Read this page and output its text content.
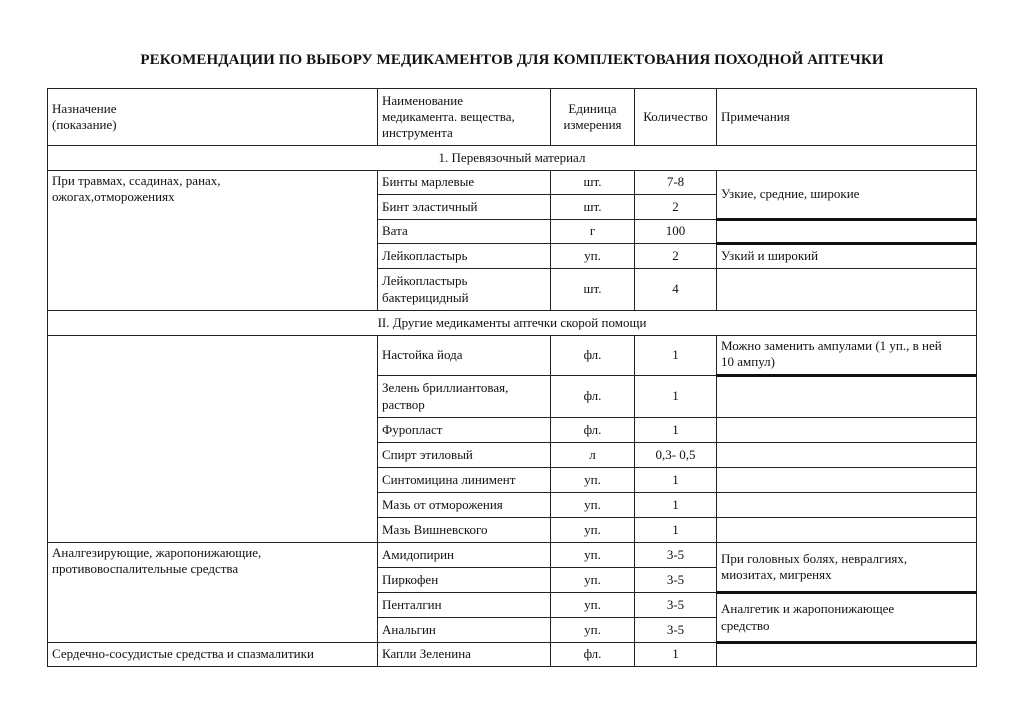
РЕКОМЕНДАЦИИ ПО ВЫБОРУ МЕДИКАМЕНТОВ ДЛЯ КОМПЛЕКТОВАНИЯ ПОХОДНОЙ АПТЕЧКИ
Назначение
(показание)	Наименование
медикамента. вещества,
инструмента	Единица
измерения	Количество	Примечания
1. Перевязочный материал				
При травмах, ссадинах, ранах,
ожогах,отморожениях	Бинты марлевые	шт.	7-8	Узкие, средние, широкие
	Бинт эластичный	шт.	2	
	Вата	г	100	
	Лейкопластырь	уп.	2	Узкий и широкий
	Лейкопластырь
бактерицидный	шт.	4	
II. Другие медикаменты аптечки скорой помощи				
	Настойка йода	фл.	1	Можно заменить ампулами (1 уп., в ней
10 ампул)
	Зелень бриллиантовая,
раствор	фл.	1	
	Фуропласт	фл.	1	
	Спирт этиловый	л	0,3- 0,5	
	Синтомицина линимент	уп.	1	
	Мазь от отморожения	уп.	1	
	Мазь Вишневского	уп.	1	
Аналгезирующие, жаропонижающие,
противовоспалительные средства	Амидопирин	уп.	3-5	При головных болях, невралгиях,
миозитах, мигренях
	Пиркофен	уп.	3-5	
	Пенталгин	уп.	3-5	Аналгетик и жаропонижающее
средство
	Анальгин	уп.	3-5	
Сердечно-сосудистые средства и спазмалитики	Капли Зеленина	фл.	1	
